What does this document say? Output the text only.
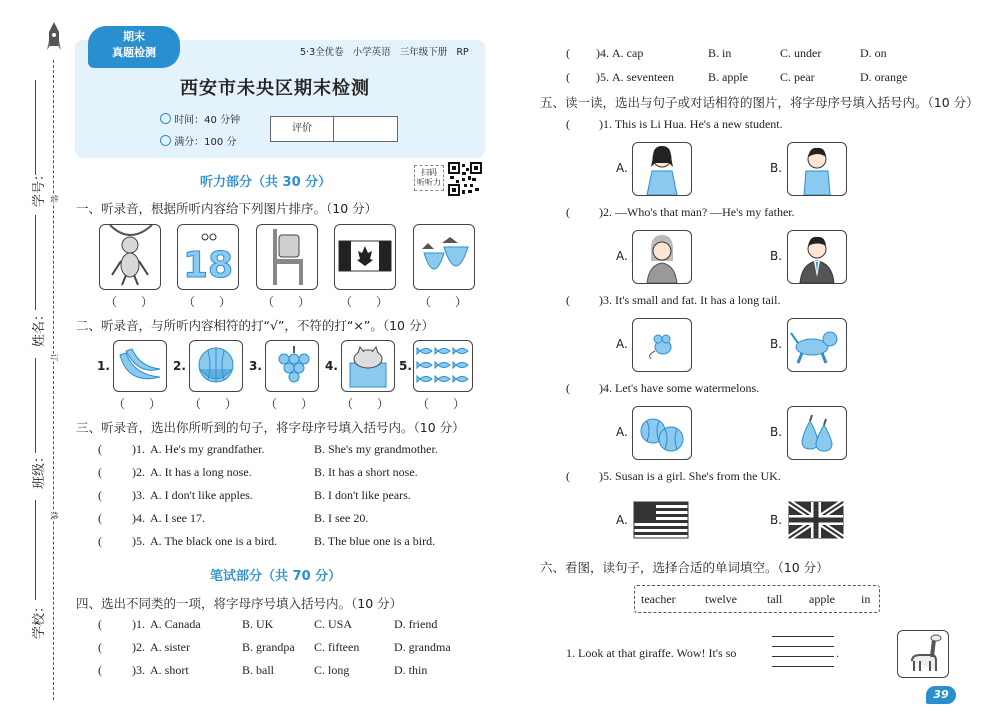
装
订
线
学号：
姓名：
班级：
学校：
期末
真题检测	5·3全优卷 小学英语 三年级下册 RP
西安市未央区期末检测
时间：40 分钟
满分：100 分
评价
听力部分（共 30 分）
扫码
听听力
一、听录音，根据所听内容给下列图片排序。（10 分）
18
（　　） （　　）	（　　） （　　）	（　　）
二、听录音，与所听内容相符的打“√”，不符的打“×”。（10 分）
1.	2.	3.	4.	5.
（　　） （　　） （　　） （　　） （　　）
三、听录音，选出你所听到的句子，将字母序号填入括号内。（10 分）
(	)1. A. He's my grandfather.	B. She's my grandmother.
(	)2. A. It has a long nose.	B. It has a short nose.
(	)3. A. I don't like apples.	B. I don't like pears.
(	)4. A. I see 17.	B. I see 20.
(	)5. A. The black one is a bird.	B. The blue one is a bird.
笔试部分（共 70 分）
四、选出不同类的一项，将字母序号填入括号内。（10 分）
(	)1. A. Canada	B. UK	C. USA	D. friend
(	)2. A. sister	B. grandpa C. fifteen	D. grandma
(	)3. A. short	B. ball	C. long	D. thin
( )4. A. cap	B. in	C. under	D. on
( )5. A. seventeen	B. apple	C. pear	D. orange
五、读一读，选出与句子或对话相符的图片，将字母序号填入括号内。（10 分）
( )1. This is Li Hua. He's a new student.
A.	B.
( )2. —Who's that man? —He's my father.
A.	B.
( )3. It's small and fat. It has a long tail.
A.	B.
( )4. Let's have some watermelons.
A.	B.
( )5. Susan is a girl. She's from the UK.
A.	B.
六、看图，读句子，选择合适的单词填空。（10 分）
teacher twelve	tall apple in
1. Look at that giraffe. Wow! It's so	.
39
